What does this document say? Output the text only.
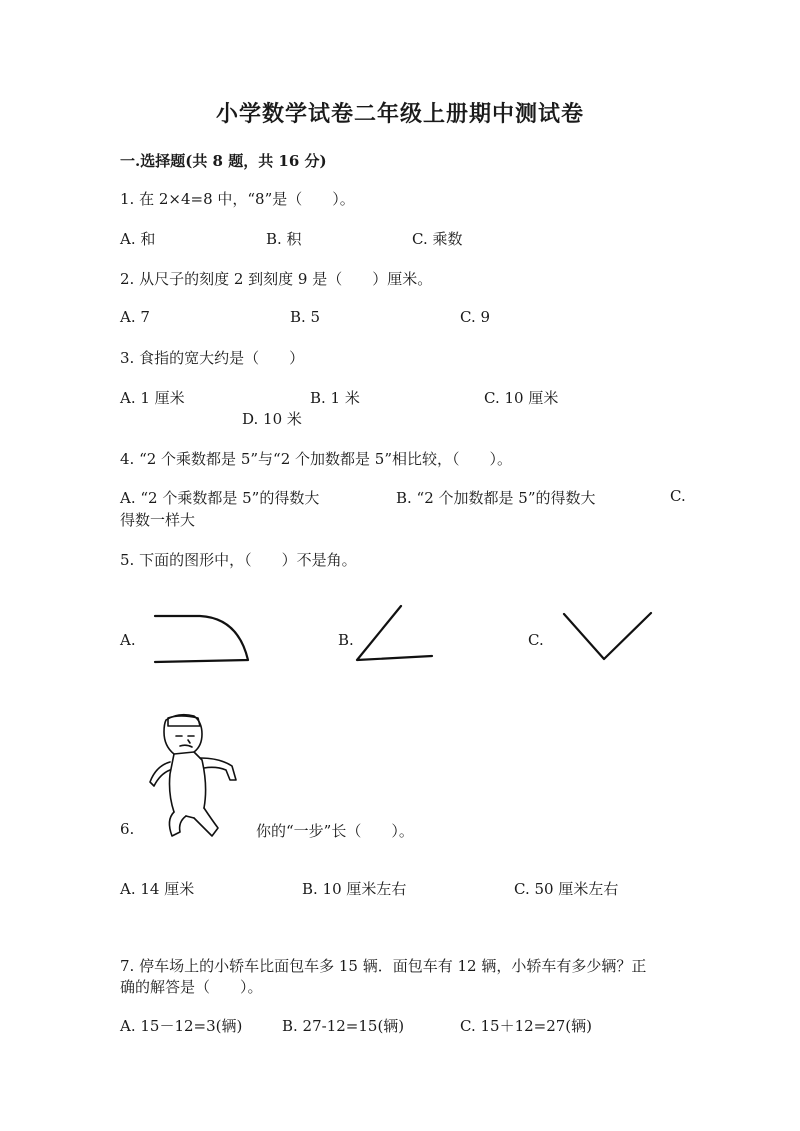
小学数学试卷二年级上册期中测试卷
一.选择题(共 8 题，共 16 分)
1. 在 2×4=8 中，“8”是（　　）。
A. 和	B. 积	C. 乘数
2. 从尺子的刻度 2 到刻度 9 是（　　）厘米。
A. 7	B. 5	C. 9
3. 食指的宽大约是（　　）
A. 1 厘米	B. 1 米	C. 10 厘米
D. 10 米
4. “2 个乘数都是 5”与“2 个加数都是 5”相比较，（　　）。
A. “2 个乘数都是 5”的得数大	B. “2 个加数都是 5”的得数大	C.
得数一样大
5. 下面的图形中，（　　）不是角。
A.	B.	C.
6.	你的“一步”长（　　）。
A. 14 厘米	B. 10 厘米左右	C. 50 厘米左右
7. 停车场上的小轿车比面包车多 15 辆．面包车有 12 辆，小轿车有多少辆？正
确的解答是（　　）。
A. 15－12=3(辆)	B. 27-12=15(辆)	C. 15＋12=27(辆)
